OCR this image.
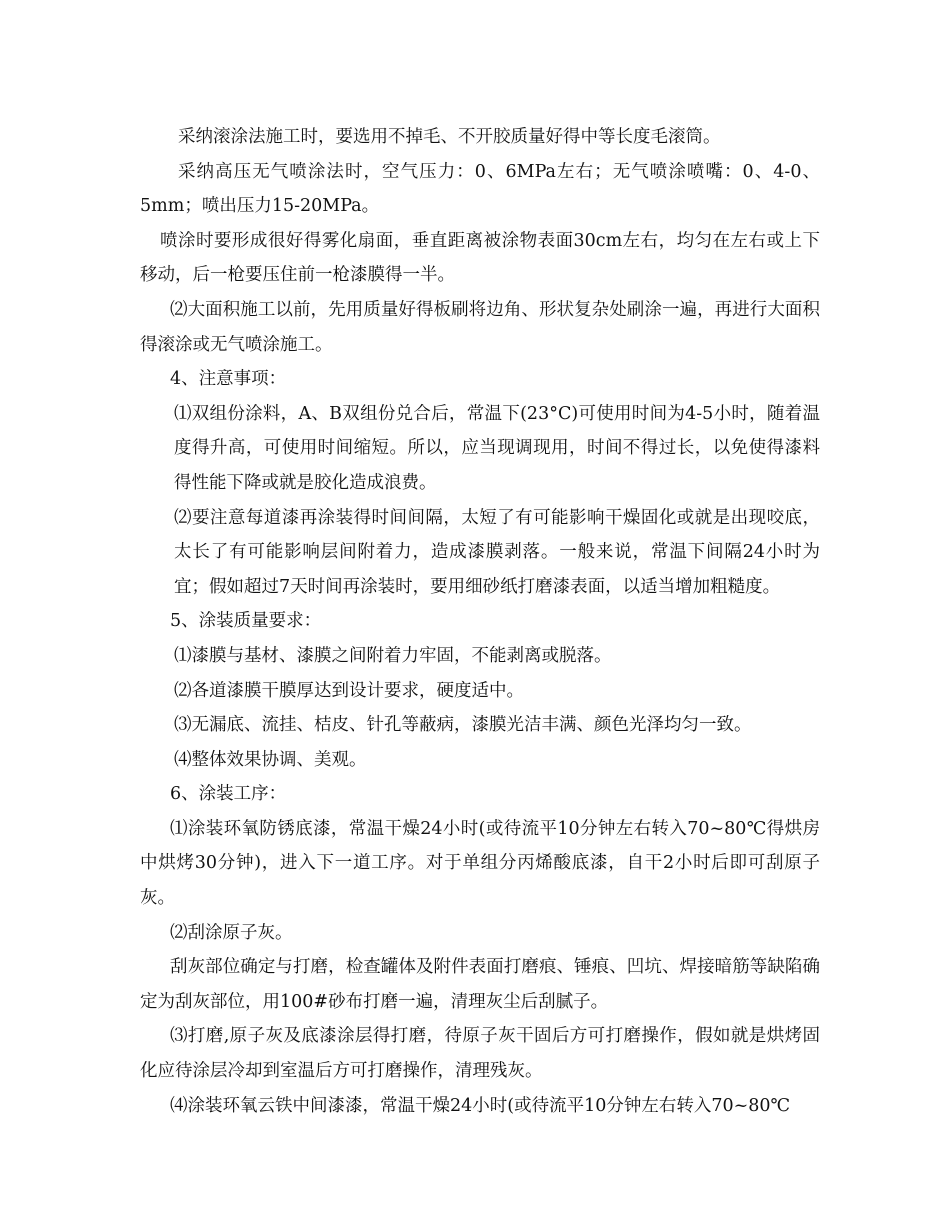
采纳滚涂法施工时，要选用不掉毛、不开胶质量好得中等长度毛滚筒。

采纳高压无气喷涂法时，空气压力：0、6MPa左右；无气喷涂喷嘴：0、4-0、5mm；喷出压力15-20MPa。

喷涂时要形成很好得雾化扇面，垂直距离被涂物表面30cm左右，均匀在左右或上下移动，后一枪要压住前一枪漆膜得一半。

⑵大面积施工以前，先用质量好得板刷将边角、形状复杂处刷涂一遍，再进行大面积得滚涂或无气喷涂施工。

4、注意事项：

⑴双组份涂料，A、B双组份兑合后，常温下(23°C)可使用时间为4-5小时，随着温度得升高，可使用时间缩短。所以，应当现调现用，时间不得过长，以免使得漆料得性能下降或就是胶化造成浪费。

⑵要注意每道漆再涂装得时间间隔，太短了有可能影响干燥固化或就是出现咬底，太长了有可能影响层间附着力，造成漆膜剥落。一般来说，常温下间隔24小时为宜；假如超过7天时间再涂装时，要用细砂纸打磨漆表面，以适当增加粗糙度。

5、涂装质量要求：

⑴漆膜与基材、漆膜之间附着力牢固，不能剥离或脱落。

⑵各道漆膜干膜厚达到设计要求，硬度适中。

⑶无漏底、流挂、桔皮、针孔等蔽病，漆膜光洁丰满、颜色光泽均匀一致。

⑷整体效果协调、美观。

6、涂装工序：

⑴涂装环氧防锈底漆，常温干燥24小时(或待流平10分钟左右转入70~80℃得烘房中烘烤30分钟)，进入下一道工序。对于单组分丙烯酸底漆，自干2小时后即可刮原子灰。

⑵刮涂原子灰。

刮灰部位确定与打磨，检查罐体及附件表面打磨痕、锤痕、凹坑、焊接暗筋等缺陷确定为刮灰部位，用100#砂布打磨一遍，清理灰尘后刮腻子。

⑶打磨,原子灰及底漆涂层得打磨，待原子灰干固后方可打磨操作，假如就是烘烤固化应待涂层冷却到室温后方可打磨操作，清理残灰。

⑷涂装环氧云铁中间漆漆，常温干燥24小时(或待流平10分钟左右转入70~80℃
